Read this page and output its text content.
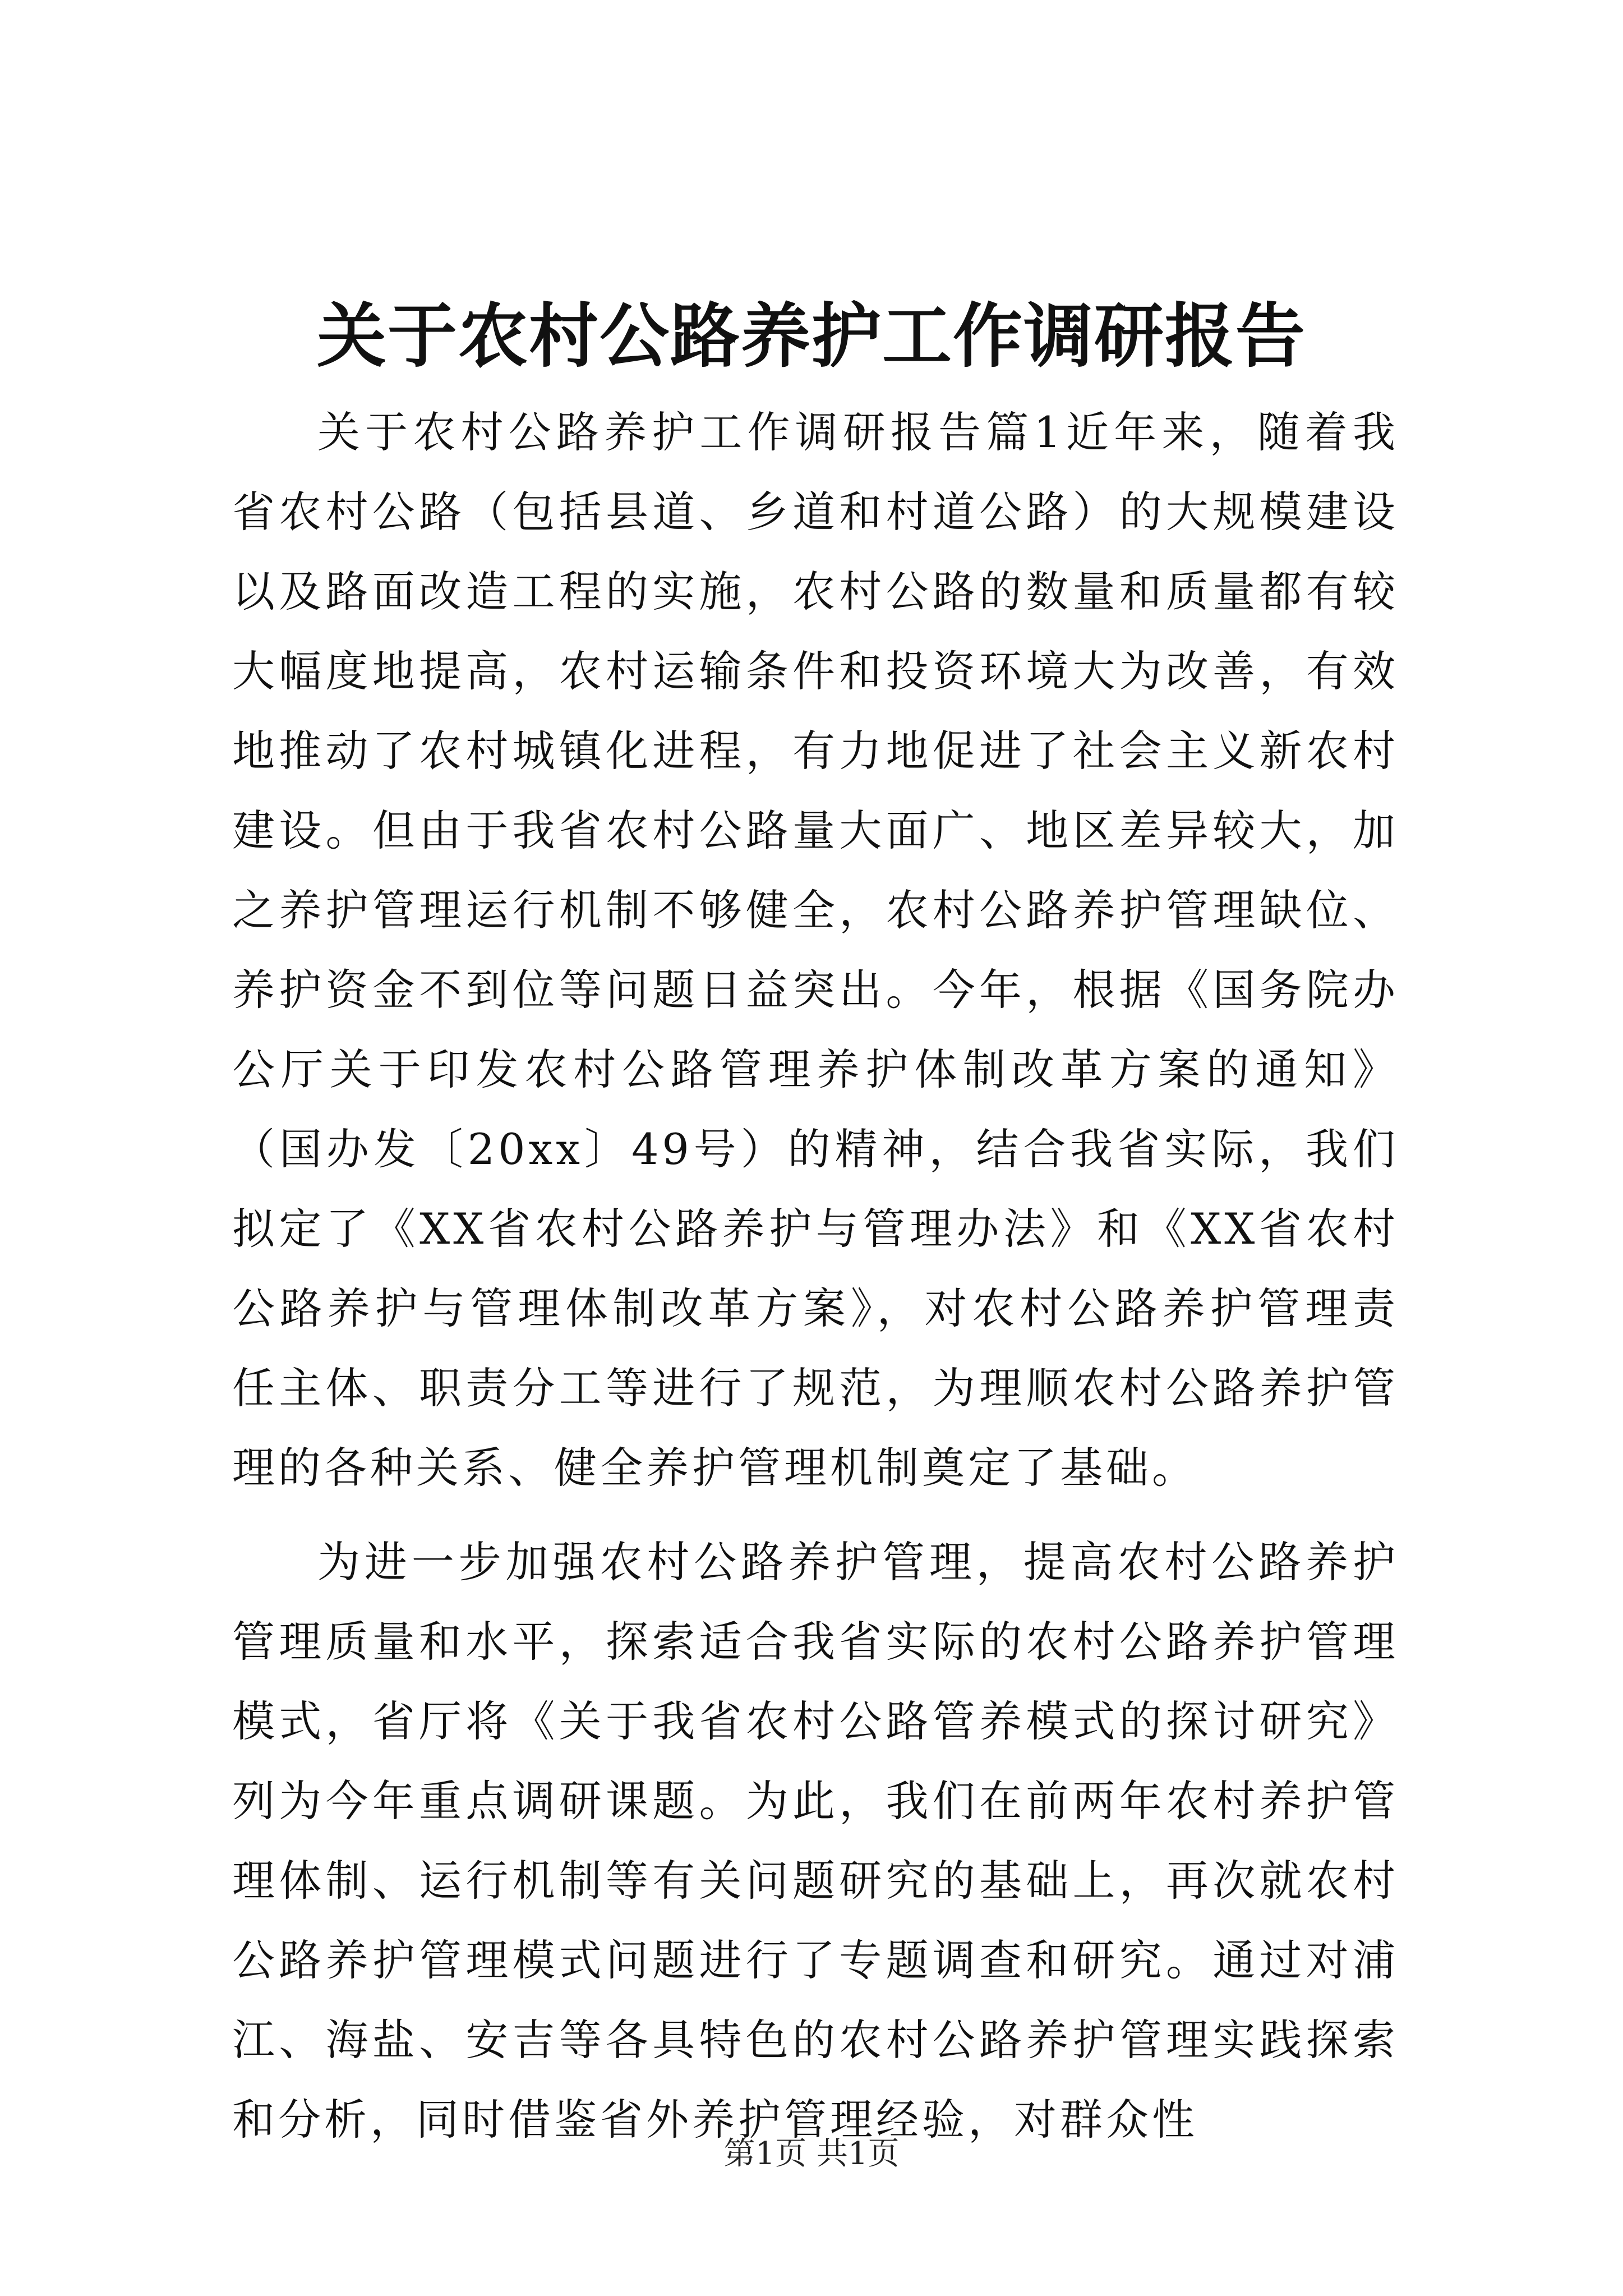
关于农村公路养护工作调研报告

关于农村公路养护工作调研报告篇1近年来，随着我省农村公路（包括县道、乡道和村道公路）的大规模建设以及路面改造工程的实施，农村公路的数量和质量都有较大幅度地提高，农村运输条件和投资环境大为改善，有效地推动了农村城镇化进程，有力地促进了社会主义新农村建设。但由于我省农村公路量大面广、地区差异较大，加之养护管理运行机制不够健全，农村公路养护管理缺位、养护资金不到位等问题日益突出。今年，根据《国务院办公厅关于印发农村公路管理养护体制改革方案的通知》（国办发〔20xx〕49号）的精神，结合我省实际，我们拟定了《XX省农村公路养护与管理办法》和《XX省农村公路养护与管理体制改革方案》，对农村公路养护管理责任主体、职责分工等进行了规范，为理顺农村公路养护管理的各种关系、健全养护管理机制奠定了基础。

为进一步加强农村公路养护管理，提高农村公路养护管理质量和水平，探索适合我省实际的农村公路养护管理模式，省厅将《关于我省农村公路管养模式的探讨研究》列为今年重点调研课题。为此，我们在前两年农村养护管理体制、运行机制等有关问题研究的基础上，再次就农村公路养护管理模式问题进行了专题调查和研究。通过对浦江、海盐、安吉等各具特色的农村公路养护管理实践探索和分析，同时借鉴省外养护管理经验，对群众性

第1页 共1页
